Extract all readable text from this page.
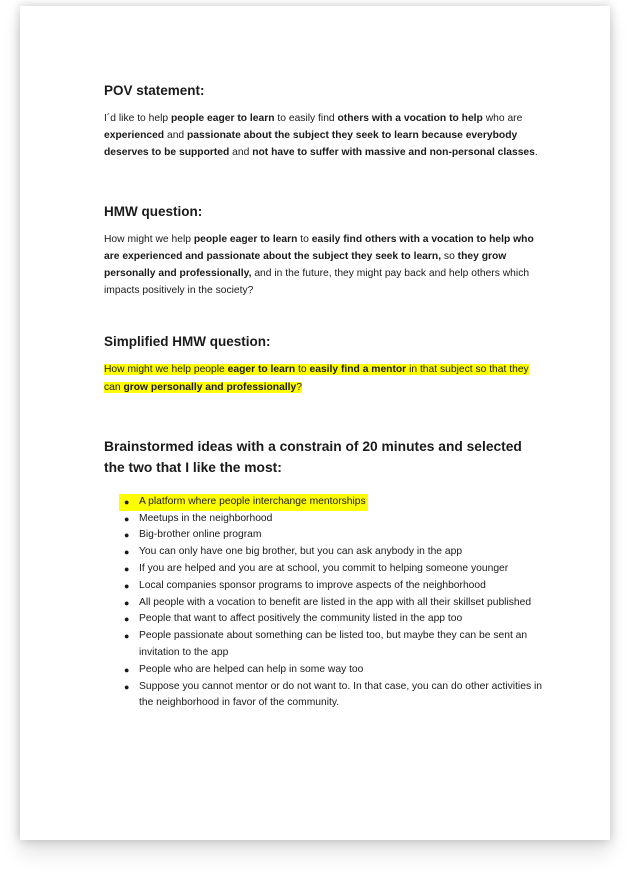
POV statement:

I´d like to help people eager to learn to easily find others with a vocation to help who are experienced and passionate about the subject they seek to learn because everybody deserves to be supported and not have to suffer with massive and non-personal classes.

HMW question:

How might we help people eager to learn to easily find others with a vocation to help who are experienced and passionate about the subject they seek to learn, so they grow personally and professionally, and in the future, they might pay back and help others which impacts positively in the society?

Simplified HMW question:

How might we help people eager to learn to easily find a mentor in that subject so that they can grow personally and professionally?

Brainstormed ideas with a constrain of 20 minutes and selected the two that I like the most:
● A platform where people interchange mentorships
● Meetups in the neighborhood
● Big-brother online program
● You can only have one big brother, but you can ask anybody in the app
● If you are helped and you are at school, you commit to helping someone younger
● Local companies sponsor programs to improve aspects of the neighborhood
● All people with a vocation to benefit are listed in the app with all their skillset published
● People that want to affect positively the community listed in the app too
● People passionate about something can be listed too, but maybe they can be sent an invitation to the app
● People who are helped can help in some way too
● Suppose you cannot mentor or do not want to. In that case, you can do other activities in the neighborhood in favor of the community.
